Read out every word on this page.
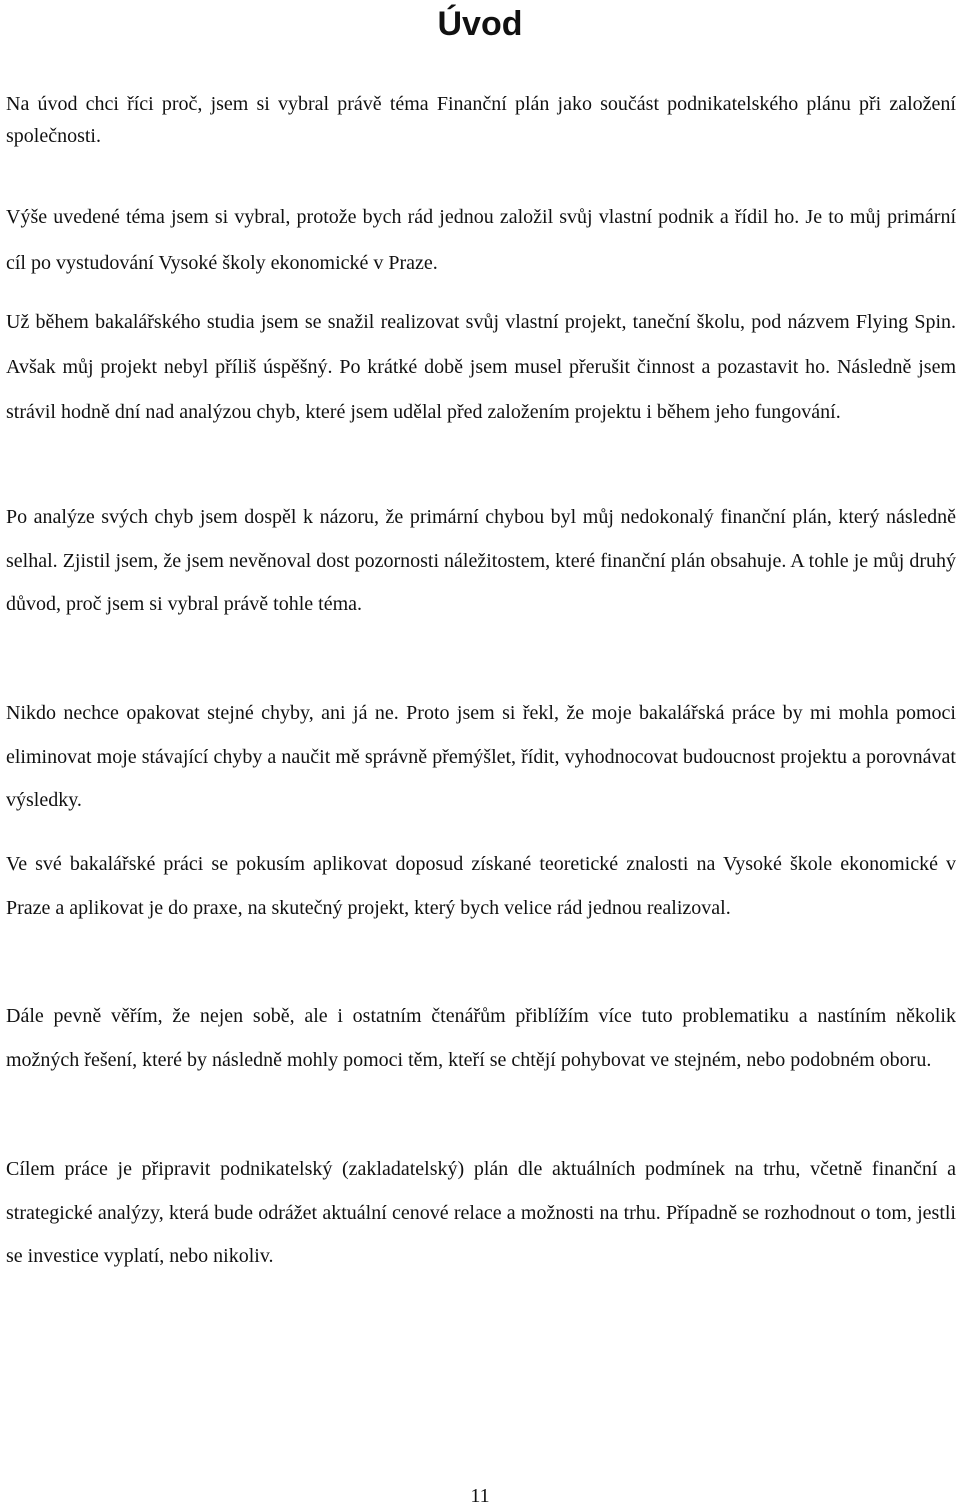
Úvod

Na úvod chci říci proč, jsem si vybral právě téma Finanční plán jako součást podnikatelského plánu při založení společnosti.

Výše uvedené téma jsem si vybral, protože bych rád jednou založil svůj vlastní podnik a řídil ho. Je to můj primární cíl po vystudování Vysoké školy ekonomické v Praze.

Už během bakalářského studia jsem se snažil realizovat svůj vlastní projekt, taneční školu, pod názvem Flying Spin. Avšak můj projekt nebyl příliš úspěšný. Po krátké době jsem musel přerušit činnost a pozastavit ho. Následně jsem strávil hodně dní nad analýzou chyb, které jsem udělal před založením projektu i během jeho fungování.

Po analýze svých chyb jsem dospěl k názoru, že primární chybou byl můj nedokonalý finanční plán, který následně selhal. Zjistil jsem, že jsem nevěnoval dost pozornosti náležitostem, které finanční plán obsahuje. A tohle je můj druhý důvod, proč jsem si vybral právě tohle téma.

Nikdo nechce opakovat stejné chyby, ani já ne. Proto jsem si řekl, že moje bakalářská práce by mi mohla pomoci eliminovat moje stávající chyby a naučit mě správně přemýšlet, řídit, vyhodnocovat budoucnost projektu a porovnávat výsledky.

Ve své bakalářské práci se pokusím aplikovat doposud získané teoretické znalosti na Vysoké škole ekonomické v Praze a aplikovat je do praxe, na skutečný projekt, který bych velice rád jednou realizoval.

Dále pevně věřím, že nejen sobě, ale i ostatním čtenářům přiblížím více tuto problematiku a nastíním několik možných řešení, které by následně mohly pomoci těm, kteří se chtějí pohybovat ve stejném, nebo podobném oboru.

Cílem práce je připravit podnikatelský (zakladatelský) plán dle aktuálních podmínek na trhu, včetně finanční a strategické analýzy, která bude odrážet aktuální cenové relace a možnosti na trhu. Případně se rozhodnout o tom, jestli se investice vyplatí, nebo nikoliv.

11
